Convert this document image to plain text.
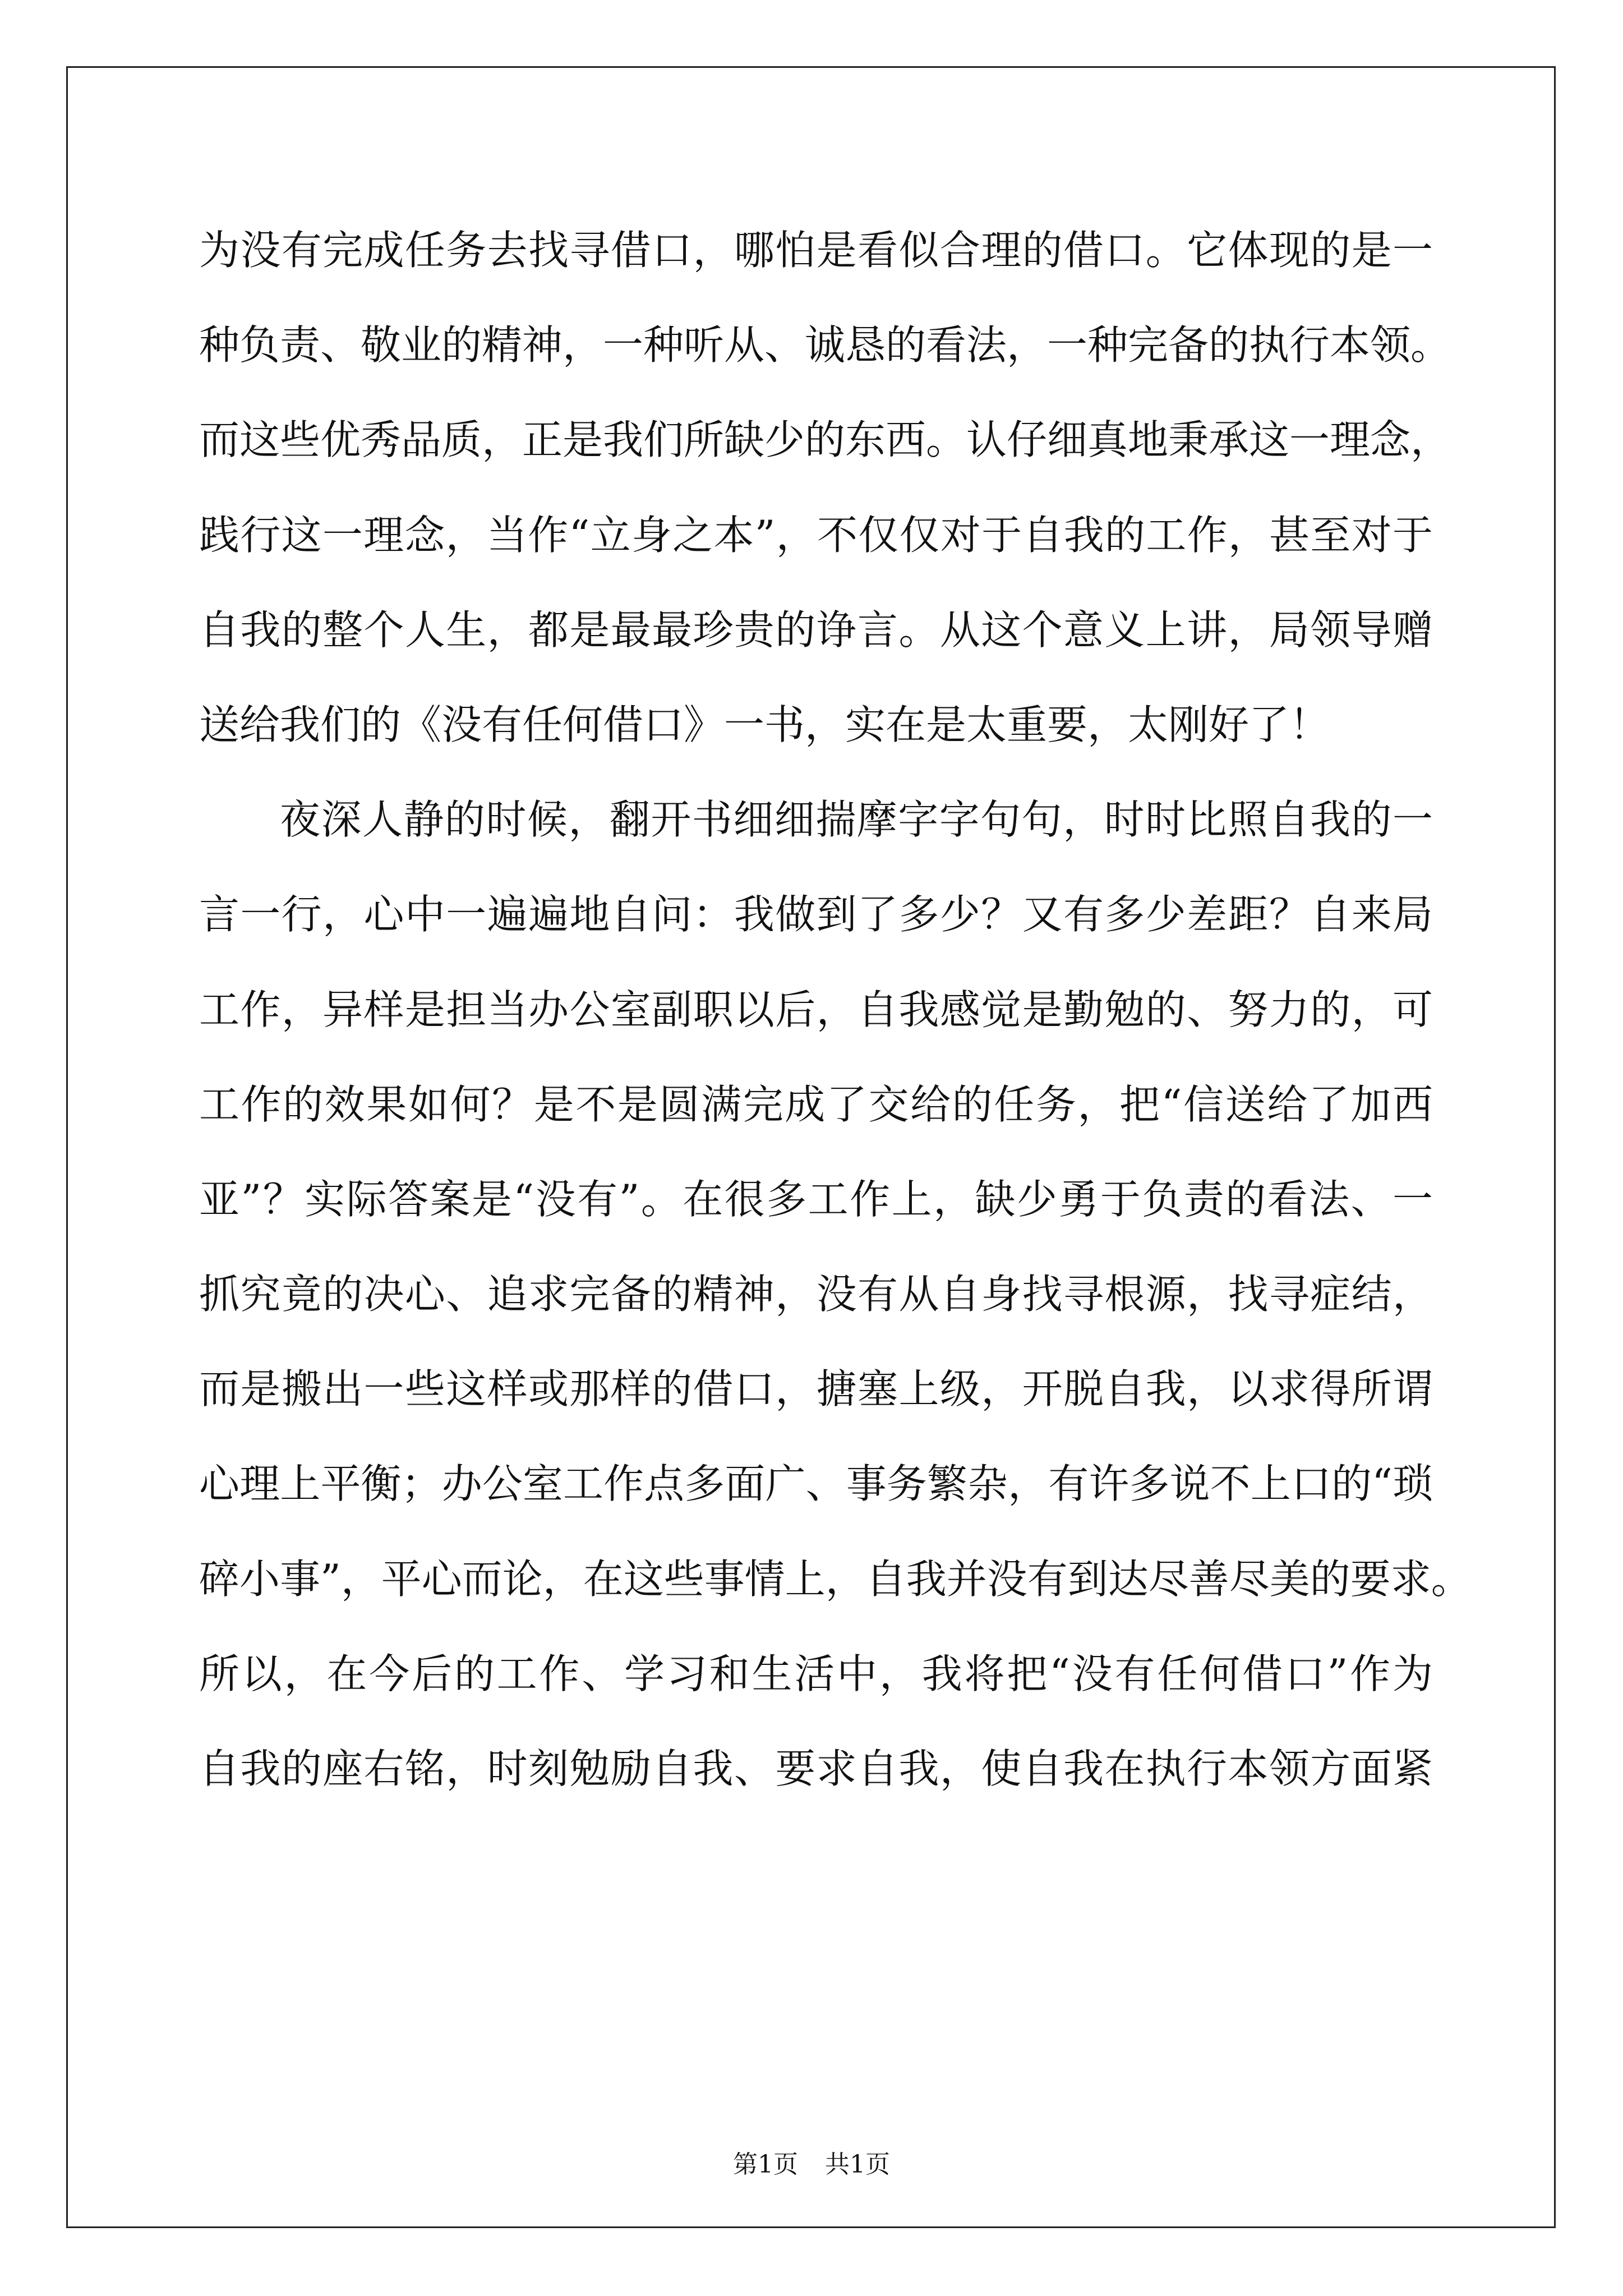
为没有完成任务去找寻借口，哪怕是看似合理的借口。它体现的是一
种负责、敬业的精神，一种听从、诚恳的看法，一种完备的执行本领。
而这些优秀品质，正是我们所缺少的东西。认仔细真地秉承这一理念，
践行这一理念，当作“立身之本”，不仅仅对于自我的工作，甚至对于
自我的整个人生，都是最最珍贵的诤言。从这个意义上讲，局领导赠
送给我们的《没有任何借口》一书，实在是太重要，太刚好了！
夜深人静的时候，翻开书细细揣摩字字句句，时时比照自我的一
言一行，心中一遍遍地自问：我做到了多少？又有多少差距？自来局
工作，异样是担当办公室副职以后，自我感觉是勤勉的、努力的，可
工作的效果如何？是不是圆满完成了交给的任务，把“信送给了加西
亚”？实际答案是“没有”。在很多工作上，缺少勇于负责的看法、一
抓究竟的决心、追求完备的精神，没有从自身找寻根源，找寻症结，
而是搬出一些这样或那样的借口，搪塞上级，开脱自我，以求得所谓
心理上平衡；办公室工作点多面广、事务繁杂，有许多说不上口的“琐
碎小事”，平心而论，在这些事情上，自我并没有到达尽善尽美的要求。
所以，在今后的工作、学习和生活中，我将把“没有任何借口”作为
自我的座右铭，时刻勉励自我、要求自我，使自我在执行本领方面紧
第1页 共1页
